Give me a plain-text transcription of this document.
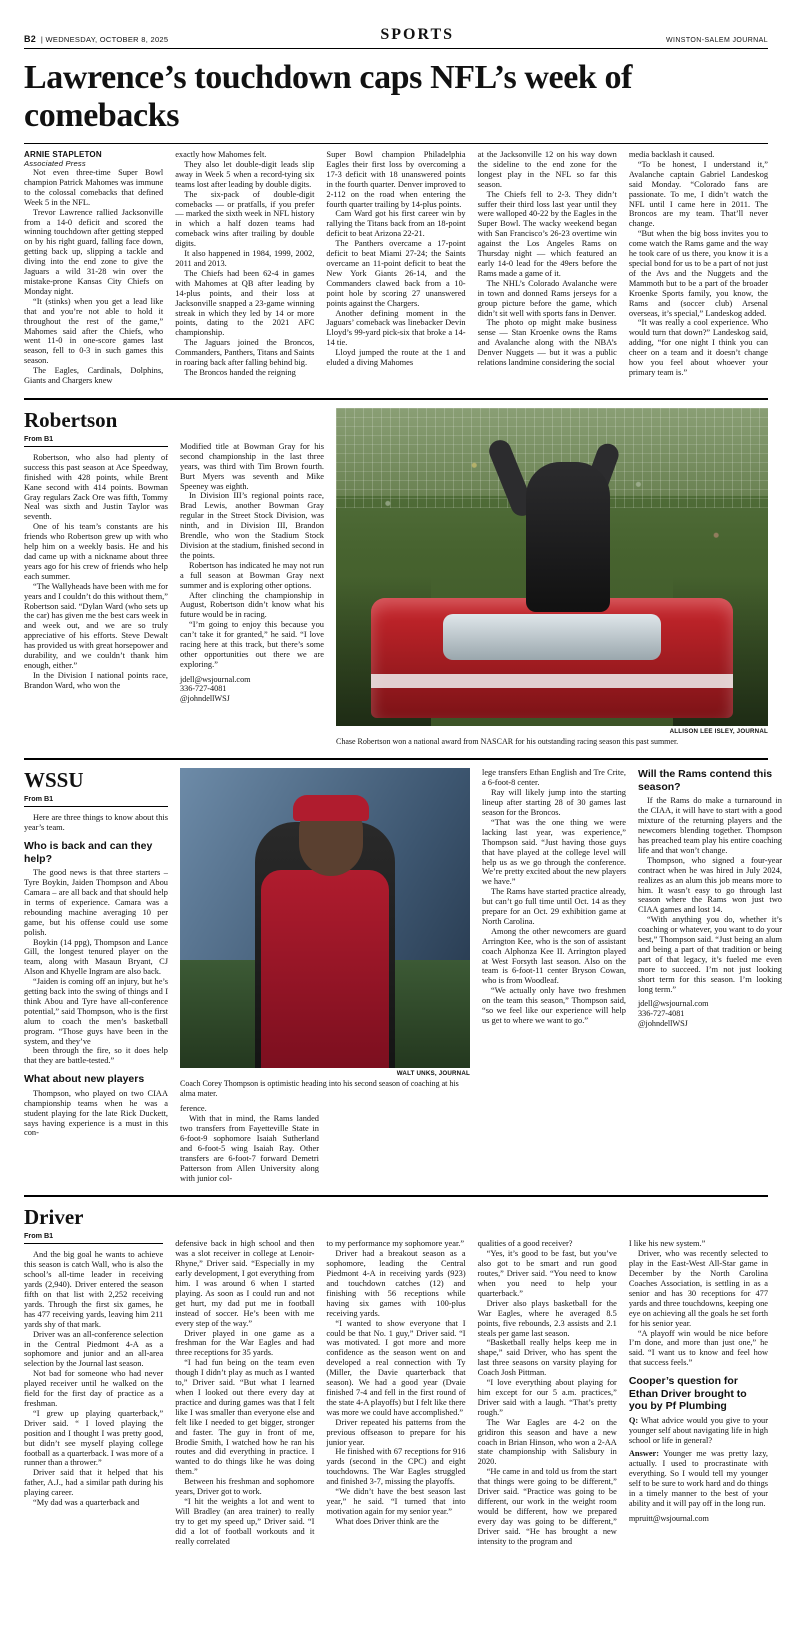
B2  | WEDNESDAY, OCTOBER 8, 2025	SPORTS	WINSTON-SALEM JOURNAL
Lawrence’s touchdown caps NFL’s week of comebacks
ARNIE STAPLETON
Associated Press

Not even three-time Super Bowl champion Patrick Mahomes was immune to the colossal comebacks that defined Week 5 in the NFL.

Trevor Lawrence rallied Jacksonville from a 14-0 deficit and scored the winning touchdown after getting stepped on by his right guard, falling face down, getting back up, slipping a tackle and diving into the end zone to give the Jaguars a wild 31-28 win over the mistake-prone Kansas City Chiefs on Monday night.

“It (stinks) when you get a lead like that and you’re not able to hold it throughout the rest of the game,” Mahomes said after the Chiefs, who went 11-0 in one-score games last season, fell to 0-3 in such games this season.

The Eagles, Cardinals, Dolphins, Giants and Chargers knew

exactly how Mahomes felt.

They also let double-digit leads slip away in Week 5 when a record-tying six teams lost after leading by double digits.

The six-pack of double-digit comebacks — or pratfalls, if you prefer — marked the sixth week in NFL history in which a half dozen teams had comeback wins after trailing by double digits.

It also happened in 1984, 1999, 2002, 2011 and 2013.

The Chiefs had been 62-4 in games with Mahomes at QB after leading by 14-plus points, and their loss at Jacksonville snapped a 23-game winning streak in which they led by 14 or more points, dating to the 2021 AFC championship.

The Jaguars joined the Broncos, Commanders, Panthers, Titans and Saints in roaring back after falling behind big.

The Broncos handed the reigning

Super Bowl champion Philadelphia Eagles their first loss by overcoming a 17-3 deficit with 18 unanswered points in the fourth quarter. Denver improved to 2-112 on the road when entering the fourth quarter trailing by 14-plus points.

Cam Ward got his first career win by rallying the Titans back from an 18-point deficit to beat Arizona 22-21.

The Panthers overcame a 17-point deficit to beat Miami 27-24; the Saints overcame an 11-point deficit to beat the New York Giants 26-14, and the Commanders clawed back from a 10-point hole by scoring 27 unanswered points against the Chargers.

Another defining moment in the Jaguars’ comeback was linebacker Devin Lloyd’s 99-yard pick-six that broke a 14-14 tie.

Lloyd jumped the route at the 1 and eluded a diving Mahomes

at the Jacksonville 12 on his way down the sideline to the end zone for the longest play in the NFL so far this season.

The Chiefs fell to 2-3. They didn’t suffer their third loss last year until they were walloped 40-22 by the Eagles in the Super Bowl. The wacky weekend began with San Francisco’s 26-23 overtime win against the Los Angeles Rams on Thursday night — which featured an early 14-0 lead for the 49ers before the Rams made a game of it.

The NHL’s Colorado Avalanche were in town and donned Rams jerseys for a group picture before the game, which didn’t sit well with sports fans in Denver.

The photo op might make business sense — Stan Kroenke owns the Rams and Avalanche along with the NBA’s Denver Nuggets — but it was a public relations landmine considering the social

media backlash it caused.

“To be honest, I understand it,” Avalanche captain Gabriel Landeskog said Monday. “Colorado fans are passionate. To me, I didn’t watch the NFL until I came here in 2011. The Broncos are my team. That’ll never change.

“But when the big boss invites you to come watch the Rams game and the way he took care of us there, you know it is a special bond for us to be a part of not just of the Avs and the Nuggets and the Mammoth but to be a part of the broader Kroenke Sports family, you know, the Rams and (soccer club) Arsenal overseas, it’s special,” Landeskog added.

“It was really a cool experience. Who would turn that down?” Landeskog said, adding, “for one night I think you can cheer on a team and it doesn’t change how you feel about whoever your primary team is.”

Robertson
From B1

Robertson, who also had plenty of success this past season at Ace Speedway, finished with 428 points, while Brent Kane second with 414 points. Bowman Gray regulars Zack Ore was fifth, Tommy Neal was sixth and Justin Taylor was seventh.

One of his team’s constants are his friends who Robertson grew up with who help him on a weekly basis. He and his dad came up with a nickname about three years ago for his crew of friends who help each summer.

“The Wallyheads have been with me for years and I couldn’t do this without them,” Robertson said. “Dylan Ward (who sets up the car) has given me the best cars week in and week out, and we are so truly appreciative of his efforts. Steve Dewalt has provided us with great horsepower and durability, and we couldn’t thank him enough, either.”

In the Division I national points race, Brandon Ward, who won the

Modified title at Bowman Gray for his second championship in the last three years, was third with Tim Brown fourth. Burt Myers was seventh and Mike Speeney was eighth.

In Division III’s regional points race, Brad Lewis, another Bowman Gray regular in the Street Stock Division, was ninth, and in Division III, Brandon Brendle, who won the Stadium Stock Division at the stadium, finished second in the points.

Robertson has indicated he may not run a full season at Bowman Gray next summer and is exploring other options.

After clinching the championship in August, Robertson didn’t know what his future would be in racing.

“I’m going to enjoy this because you can’t take it for granted,” he said. “I love racing here at this track, but there’s some other opportunities out there we are exploring.”

jdell@wsjournal.com
336-727-4081
@johndellWSJ
ALLISON LEE ISLEY, JOURNAL
Chase Robertson won a national award from NASCAR for his outstanding racing season this past summer.
WSSU
From B1

Here are three things to know about this year’s team.

Who is back and can they help?

The good news is that three starters – Tyre Boykin, Jaiden Thompson and Abou Camara – are all back and that should help in terms of experience. Camara was a rebounding machine averaging 10 per game, but his offense could use some polish.

Boykin (14 ppg), Thompson and Lance Gill, the longest tenured player on the team, along with Masaun Bryant, CJ Alson and Khyelle Ingram are also back.

“Jaiden is coming off an injury, but he’s getting back into the swing of things and I think Abou and Tyre have all-conference potential,” said Thompson, who is the first alum to coach the men’s basketball program. “Those guys have been in the system, and they’ve

been through the fire, so it does help that they are battle-tested.”

What about new players

Thompson, who played on two CIAA championship teams when he was a student playing for the late Rick Duckett, says having experience is a must in this con-

WALT UNKS, JOURNAL
Coach Corey Thompson is optimistic heading into his second season of coaching at his alma mater.

ference.

With that in mind, the Rams landed two transfers from Fayetteville State in 6-foot-9 sophomore Isaiah Sutherland and 6-foot-5 wing Isaiah Ray. Other transfers are 6-foot-7 forward Demetri Patterson from Allen University along with junior col-

lege transfers Ethan English and Tre Crite, a 6-foot-8 center.

Ray will likely jump into the starting lineup after starting 28 of 30 games last season for the Broncos.

“That was the one thing we were lacking last year, was experience,” Thompson said. “Just having those guys that have played at the college level will help us as we go through the conference. We’re pretty excited about the new players we have.”

The Rams have started practice already, but can’t go full time until Oct. 14 as they prepare for an Oct. 29 exhibition game at North Carolina.

Among the other newcomers are guard Arrington Kee, who is the son of assistant coach Alphonza Kee II. Arrington played at West Forsyth last season. Also on the team is 6-foot-11 center Bryson Cowan, who is from Woodleaf.

“We actually only have two freshmen on the team this season,” Thompson said, “so we feel like our experience will help us get to where we want to go.”

Will the Rams contend this season?

If the Rams do make a turnaround in the CIAA, it will have to start with a good mixture of the returning players and the newcomers blending together. Thompson has preached team play his entire coaching life and that won’t change.

Thompson, who signed a four-year contract when he was hired in July 2024, realizes as an alum this job means more to him. It wasn’t easy to go through last season where the Rams won just two CIAA games and lost 14.

“With anything you do, whether it’s coaching or whatever, you want to do your best,” Thompson said. “Just being an alum and being a part of that tradition or being part of that legacy, it’s fueled me even more to succeed. I’m not just looking short term for this season. I’m looking long term.”

jdell@wsjournal.com
336-727-4081
@johndellWSJ
Driver
From B1

And the big goal he wants to achieve this season is catch Wall, who is also the school’s all-time leader in receiving yards (2,940). Driver entered the season fifth on that list with 2,252 receiving yards. Through the first six games, he has 477 receiving yards, leaving him 211 yards shy of that mark.

Driver was an all-conference selection in the Central Piedmont 4-A as a sophomore and junior and an all-area selection by the Journal last season.

Not bad for someone who had never played receiver until he walked on the field for the first day of practice as a freshman.

“I grew up playing quarterback,” Driver said. “ I loved playing the position and I thought I was pretty good, but didn’t see myself playing college football as a quarterback. I was more of a runner than a thrower.”

Driver said that it helped that his father, A.J., had a similar path during his playing career.

“My dad was a quarterback and

defensive back in high school and then was a slot receiver in college at Lenoir-Rhyne,” Driver said. “Especially in my early development, I got everything from him. I was around 6 when I started playing. As soon as I could run and not get hurt, my dad put me in football instead of soccer. He’s been with me every step of the way.”

Driver played in one game as a freshman for the War Eagles and had three receptions for 35 yards.

“I had fun being on the team even though I didn’t play as much as I wanted to,” Driver said. “But what I learned when I looked out there every day at practice and during games was that I felt like I was smaller than everyone else and felt like I needed to get bigger, stronger and faster. The guy in front of me, Brodie Smith, I watched how he ran his routes and did everything in practice. I wanted to do things like he was doing them.”

Between his freshman and sophomore years, Driver got to work.

“I hit the weights a lot and went to Will Bradley (an area trainer) to really try to get my speed up,” Driver said. “I did a lot of football workouts and it really correlated

to my performance my sophomore year.”

Driver had a breakout season as a sophomore, leading the Central Piedmont 4-A in receiving yards (923) and touchdown catches (12) and finishing with 56 receptions while having six games with 100-plus receiving yards.

“I wanted to show everyone that I could be that No. 1 guy,” Driver said. “I was motivated. I got more and more confidence as the season went on and developed a real connection with Ty (Miller, the Davie quarterback that season). We had a good year (Dvaie finished 7-4 and fell in the first round of the state 4-A playoffs) but I felt like there was more we could have accomplished.”

Driver repeated his patterns from the previous offseason to prepare for his junior year.

He finished with 67 receptions for 916 yards (second in the CPC) and eight touchdowns. The War Eagles struggled and finished 3-7, missing the playoffs.

“We didn’t have the best season last year,” he said. “I turned that into motivation again for my senior year.”

What does Driver think are the

qualities of a good receiver?

“Yes, it’s good to be fast, but you’ve also got to be smart and run good routes,” Driver said. “You need to know when you need to help your quarterback.”

Driver also plays basketball for the War Eagles, where he averaged 8.5 points, five rebounds, 2.3 assists and 2.1 steals per game last season.

“Basketball really helps keep me in shape,” said Driver, who has spent the last three seasons on varsity playing for Coach Josh Pittman.

“I love everything about playing for him except for our 5 a.m. practices,” Driver said with a laugh. “That’s pretty rough.”

The War Eagles are 4-2 on the gridiron this season and have a new coach in Brian Hinson, who won a 2-AA state championship with Salisbury in 2020.

“He came in and told us from the start that things were going to be different,” Driver said. “Practice was going to be different, our work in the weight room would be different, how we prepared every day was going to be different,” Driver said. “He has brought a new intensity to the program and

I like his new system.”

Driver, who was recently selected to play in the East-West All-Star game in December by the North Carolina Coaches Association, is settling in as a senior and has 30 receptions for 477 yards and three touchdowns, keeping one eye on achieving all the goals he set forth for his senior year.

“A playoff win would be nice before I’m done, and more than just one,” he said. “I want us to know and feel how that success feels.”

Cooper’s question for Ethan Driver brought to you by Pf Plumbing

Q: What advice would you give to your younger self about navigating life in high school or life in general?

Answer: Younger me was pretty lazy, actually. I used to procrastinate with everything. So I would tell my younger self to be sure to work hard and do things in a timely manner to the best of your ability and it will pay off in the long run.

mpruitt@wsjournal.com
